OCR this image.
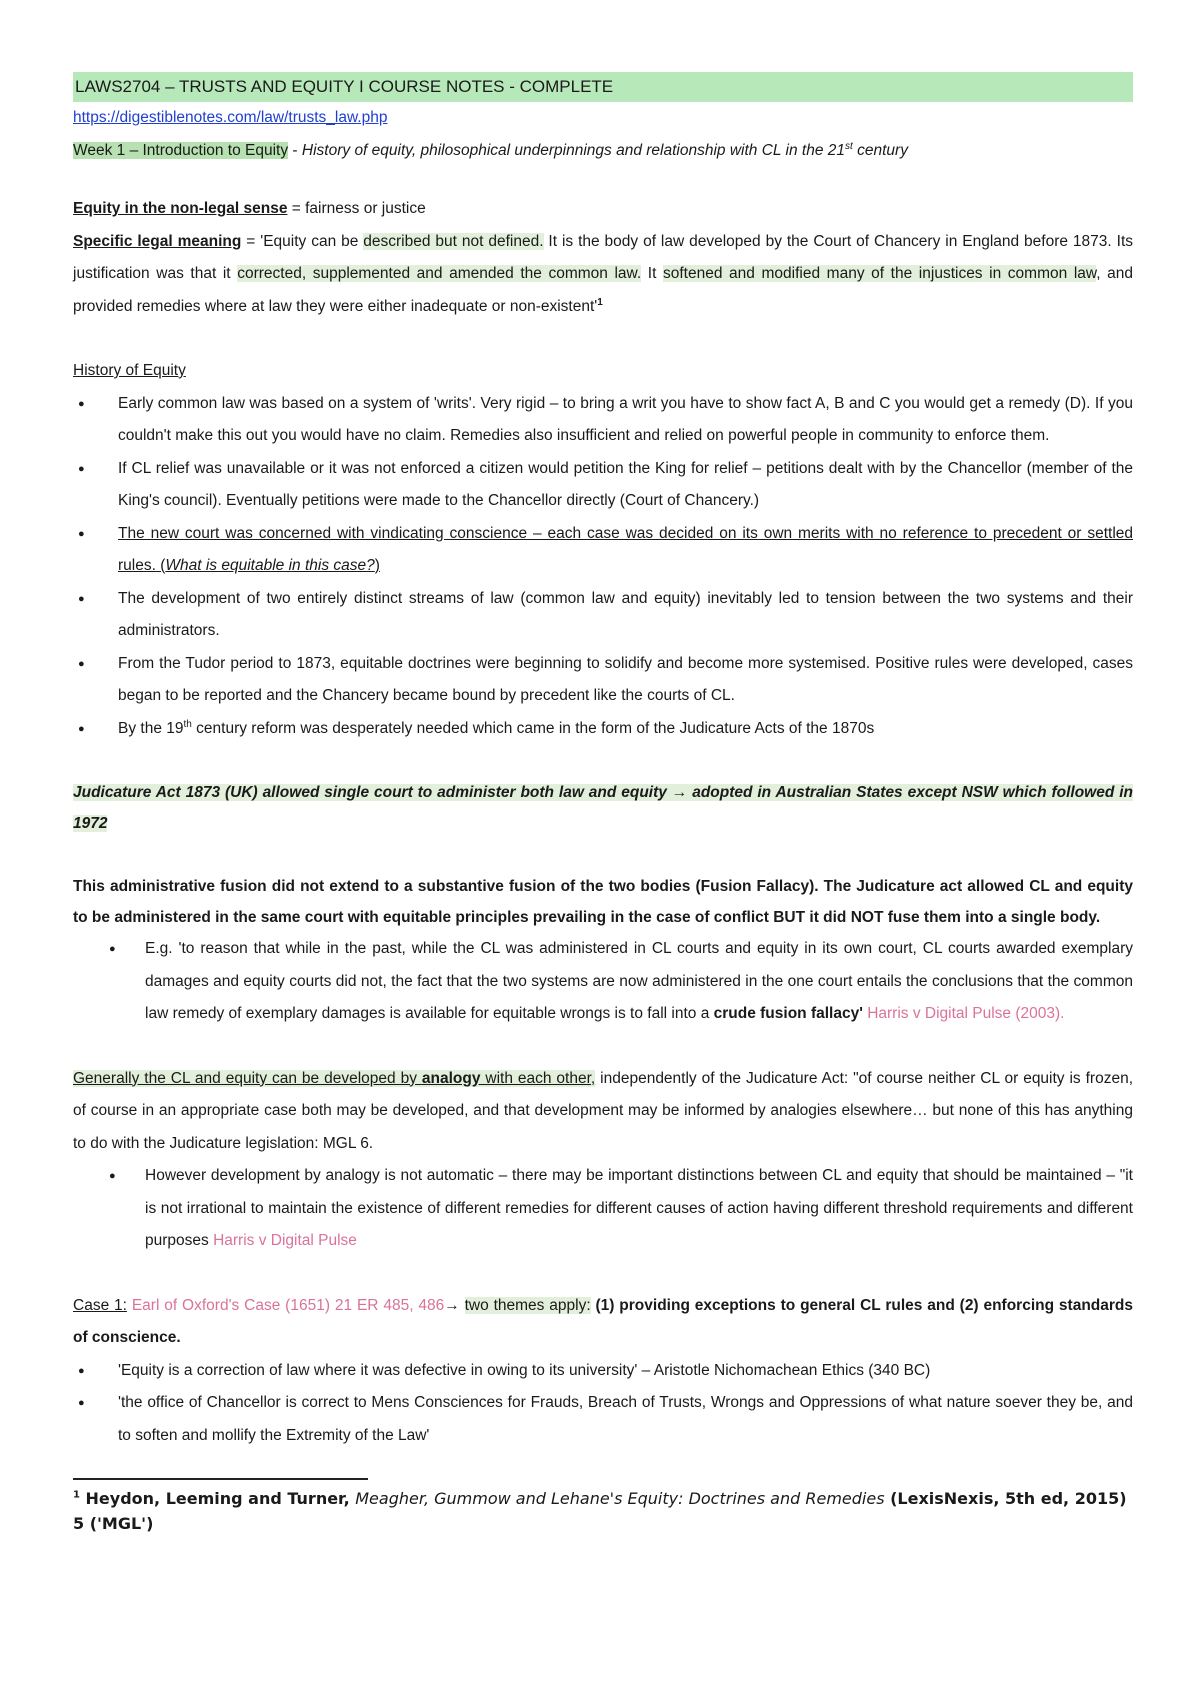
LAWS2704 – TRUSTS AND EQUITY I COURSE NOTES - COMPLETE
https://digestiblenotes.com/law/trusts_law.php
Week 1 – Introduction to Equity - History of equity, philosophical underpinnings and relationship with CL in the 21st century
Equity in the non-legal sense = fairness or justice

Specific legal meaning = 'Equity can be described but not defined. It is the body of law developed by the Court of Chancery in England before 1873. Its justification was that it corrected, supplemented and amended the common law. It softened and modified many of the injustices in common law, and provided remedies where at law they were either inadequate or non-$existent'^1$

History of Equity
● Early common law was based on a system of 'writs'. Very rigid – to bring a writ you have to show fact A, B and C you would get a remedy (D). If you couldn't make this out you would have no claim. Remedies also insufficient and relied on powerful people in community to enforce them.
● If CL relief was unavailable or it was not enforced a citizen would petition the King for relief – petitions dealt with by the Chancellor (member of the King's council). Eventually petitions were made to the Chancellor directly (Court of Chancery.)
● The new court was concerned with vindicating conscience – each case was decided on its own merits with no reference to precedent or settled rules. (What is equitable in this case?)
● The development of two entirely distinct streams of law (common law and equity) inevitably led to tension between the two systems and their administrators.
● From the Tudor period to 1873, equitable doctrines were beginning to solidify and become more systemised. Positive rules were developed, cases began to be reported and the Chancery became bound by precedent like the courts of CL.
● By the 19th century reform was desperately needed which came in the form of the Judicature Acts of the 1870s

Judicature Act 1873 (UK) allowed single court to administer both law and equity → adopted in Australian States except NSW which followed in 1972

This administrative fusion did not extend to a substantive fusion of the two bodies (Fusion Fallacy). The Judicature act allowed CL and equity to be administered in the same court with equitable principles prevailing in the case of conflict BUT it did NOT fuse them into a single body.

● E.g. 'to reason that while in the past, while the CL was administered in CL courts and equity in its own court, CL courts awarded exemplary damages and equity courts did not, the fact that the two systems are now administered in the one court entails the conclusions that the common law remedy of exemplary damages is available for equitable wrongs is to fall into a crude fusion fallacy' Harris v Digital Pulse (2003).

Generally the CL and equity can be developed by analogy with each other, independently of the Judicature Act: "of course neither CL or equity is frozen, of course in an appropriate case both may be developed, and that development may be informed by analogies elsewhere… but none of this has anything to do with the Judicature legislation: MGL 6.

● However development by analogy is not automatic – there may be important distinctions between CL and equity that should be maintained – "it is not irrational to maintain the existence of different remedies for different causes of action having different threshold requirements and different purposes Harris v Digital Pulse

Case 1: Earl of Oxford's Case (1651) 21 ER 485, 486→ two themes apply: (1) providing exceptions to general CL rules and (2) enforcing standards of conscience.

● 'Equity is a correction of law where it was defective in owing to its university' – Aristotle Nichomachean Ethics (340 BC)
● 'the office of Chancellor is correct to Mens Consciences for Frauds, Breach of Trusts, Wrongs and Oppressions of what nature soever they be, and to soften and mollify the Extremity of the Law'

$^1$ Heydon, Leeming and Turner, Meagher, Gummow and Lehane's Equity: Doctrines and Remedies (LexisNexis, 5th ed, 2015) 5 ('MGL')
